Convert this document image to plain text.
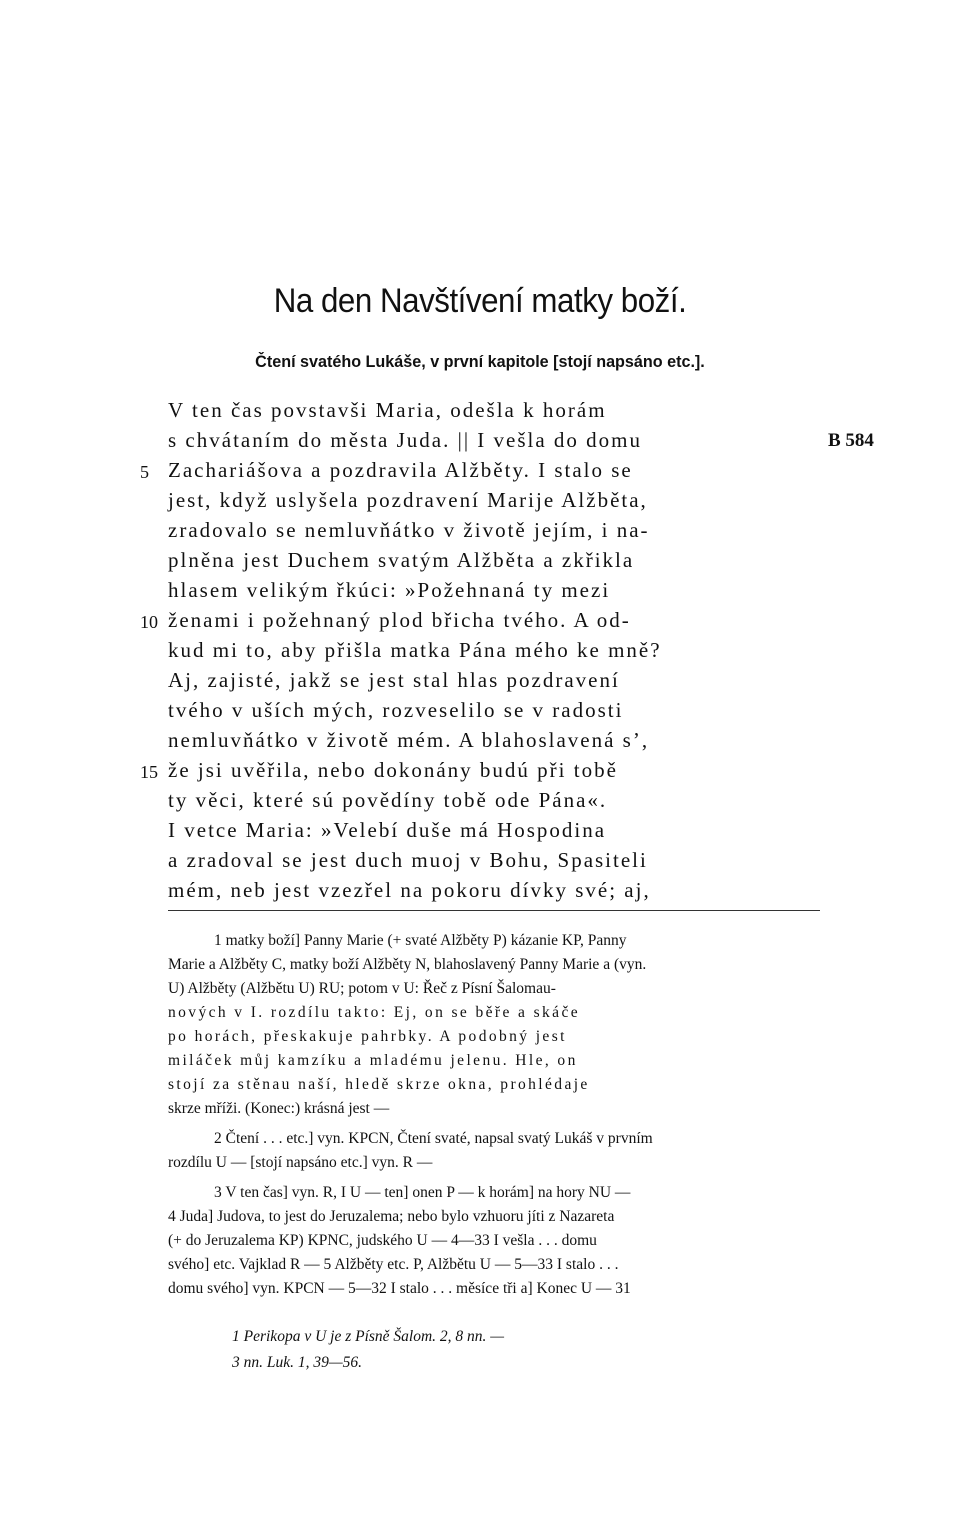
Na den Navštívení matky boží.
Čtení svatého Lukáše, v první kapitole [stojí napsáno etc.].
V ten čas povstavši Maria, odešla k horám
s chvátaním do města Juda. || I vešla do domu	B 584
5 Zachariášova a pozdravila Alžběty. I stalo se
jest, když uslyšela pozdravení Marije Alžběta,
zradovalo se nemluvňátko v životě jejím, i na-
plněna jest Duchem svatým Alžběta a zkřikla
hlasem velikým řkúci: »Požehnaná ty mezi
10 ženami i požehnaný plod břicha tvého. A od-
kud mi to, aby přišla matka Pána mého ke mně?
Aj, zajisté, jakž se jest stal hlas pozdravení
tvého v uších mých, rozveselilo se v radosti
nemluvňátko v životě mém. A blahoslavená s’,
15 že jsi uvěřila, nebo dokonány budú při tobě
ty věci, které sú povědíny tobě ode Pána«.
I vetce Maria: »Velebí duše má Hospodina
a zradoval se jest duch muoj v Bohu, Spasiteli
mém, neb jest vzezřel na pokoru dívky své; aj,
1 matky boží] Panny Marie (+ svaté Alžběty P) kázanie KP, Panny
Marie a Alžběty C, matky boží Alžběty N, blahoslavený Panny Marie a (vyn.
U) Alžběty (Alžbětu U) RU; potom v U: Řeč z Písní Šalomau-
nových v I. rozdílu takto: Ej, on se běře a skáče
po horách, přeskakuje pahrbky. A podobný jest
miláček můj kamzíku a mladému jelenu. Hle, on
stojí za stěnau naší, hledě skrze okna, prohlédaje
skrze mříži. (Konec:) krásná jest —
2 Čtení . . . etc.] vyn. KPCN, Čtení svaté, napsal svatý Lukáš v prvním
rozdílu U — [stojí napsáno etc.] vyn. R —
3 V ten čas] vyn. R, I U — ten] onen P — k horám] na hory NU —
4 Juda] Judova, to jest do Jeruzalema; nebo bylo vzhuoru jíti z Nazareta
(+ do Jeruzalema KP) KPNC, judského U — 4—33 I vešla . . . domu
svého] etc. Vajklad R — 5 Alžběty etc. P, Alžbětu U — 5—33 I stalo . . .
domu svého] vyn. KPCN — 5—32 I stalo . . . měsíce tři a] Konec U — 31
1 Perikopa v U je z Písně Šalom. 2, 8 nn. —
3 nn. Luk. 1, 39—56.
